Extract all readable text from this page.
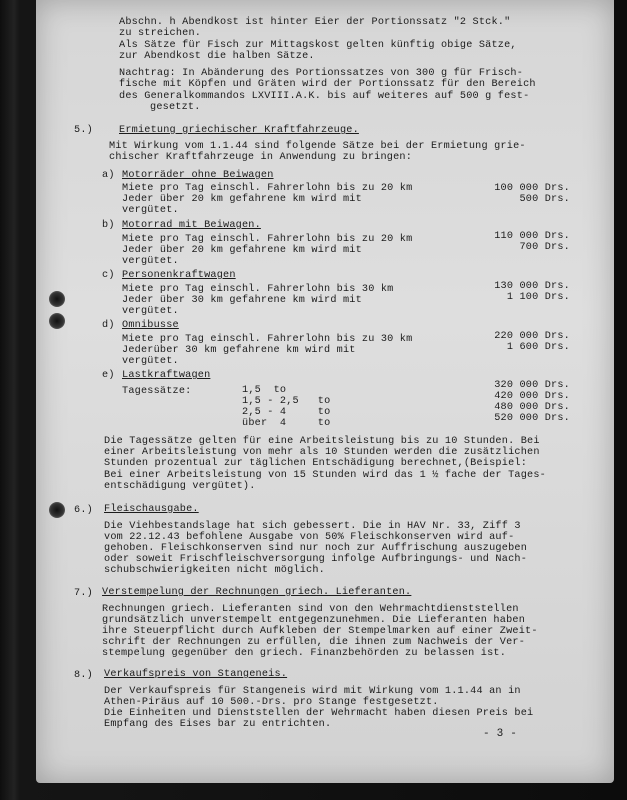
Abschn. h Abendkost ist hinter Eier der Portionssatz "2 Stck."

zu streichen.

Als Sätze für Fisch zur Mittagskost gelten künftig obige Sätze,

zur Abendkost die halben Sätze.

Nachtrag: In Abänderung des Portionssatzes von 300 g für Frisch-

fische mit Köpfen und Gräten wird der Portionssatz für den Bereich

des Generalkommandos LXVIII.A.K. bis auf weiteres auf 500 g fest-

gesetzt.

5.)	Ermietung griechischer Kraftfahrzeuge.

Mit Wirkung vom 1.1.44 sind folgende Sätze bei der Ermietung grie-

chischer Kraftfahrzeuge in Anwendung zu bringen:

a) Motorräder ohne Beiwagen

Miete pro Tag einschl. Fahrerlohn bis zu 20 km

Jeder über 20 km gefahrene km wird mit

vergütet.

100 000 Drs.

500 Drs.

b) Motorrad mit Beiwagen.

Miete pro Tag einschl. Fahrerlohn bis zu 20 km

Jeder über 20 km gefahrene km wird mit

vergütet.

110 000 Drs.

700 Drs.

c) Personenkraftwagen

Miete pro Tag einschl. Fahrerlohn bis 30 km

Jeder über 30 km gefahrene km wird mit

vergütet.

130 000 Drs.

1 100 Drs.

d) Omnibusse

Miete pro Tag einschl. Fahrerlohn bis zu 30 km

Jederüber 30 km gefahrene km wird mit

vergütet.

220 000 Drs.

1 600 Drs.

e) Lastkraftwagen

Tagessätze:	1,5  to

1,5 - 2,5   to

2,5 - 4     to

über  4     to

320 000 Drs.

420 000 Drs.

480 000 Drs.

520 000 Drs.

Die Tagessätze gelten für eine Arbeitsleistung bis zu 10 Stunden. Bei

einer Arbeitsleistung von mehr als 10 Stunden werden die zusätzlichen

Stunden prozentual zur täglichen Entschädigung berechnet,(Beispiel:

Bei einer Arbeitsleistung von 15 Stunden wird das 1 ½ fache der Tages-

entschädigung vergütet).

6.) Fleischausgabe.

Die Viehbestandslage hat sich gebessert. Die in HAV Nr. 33, Ziff 3

vom 22.12.43 befohlene Ausgabe von 50% Fleischkonserven wird auf-

gehoben. Fleischkonserven sind nur noch zur Auffrischung auszugeben

oder soweit Frischfleischversorgung infolge Aufbringungs- und Nach-

schubschwierigkeiten nicht möglich.

7.) Verstempelung der Rechnungen griech. Lieferanten.

Rechnungen griech. Lieferanten sind von den Wehrmachtdienststellen

grundsätzlich unverstempelt entgegenzunehmen. Die Lieferanten haben

ihre Steuerpflicht durch Aufkleben der Stempelmarken auf einer Zweit-

schrift der Rechnungen zu erfüllen, die ihnen zum Nachweis der Ver-

stempelung gegenüber den griech. Finanzbehörden zu belassen ist.

8.) Verkaufspreis von Stangeneis.

Der Verkaufspreis für Stangeneis wird mit Wirkung vom 1.1.44 an in

Athen-Piräus auf 10 500.-Drs. pro Stange festgesetzt.

Die Einheiten und Dienststellen der Wehrmacht haben diesen Preis bei

Empfang des Eises bar zu entrichten.

- 3 -
